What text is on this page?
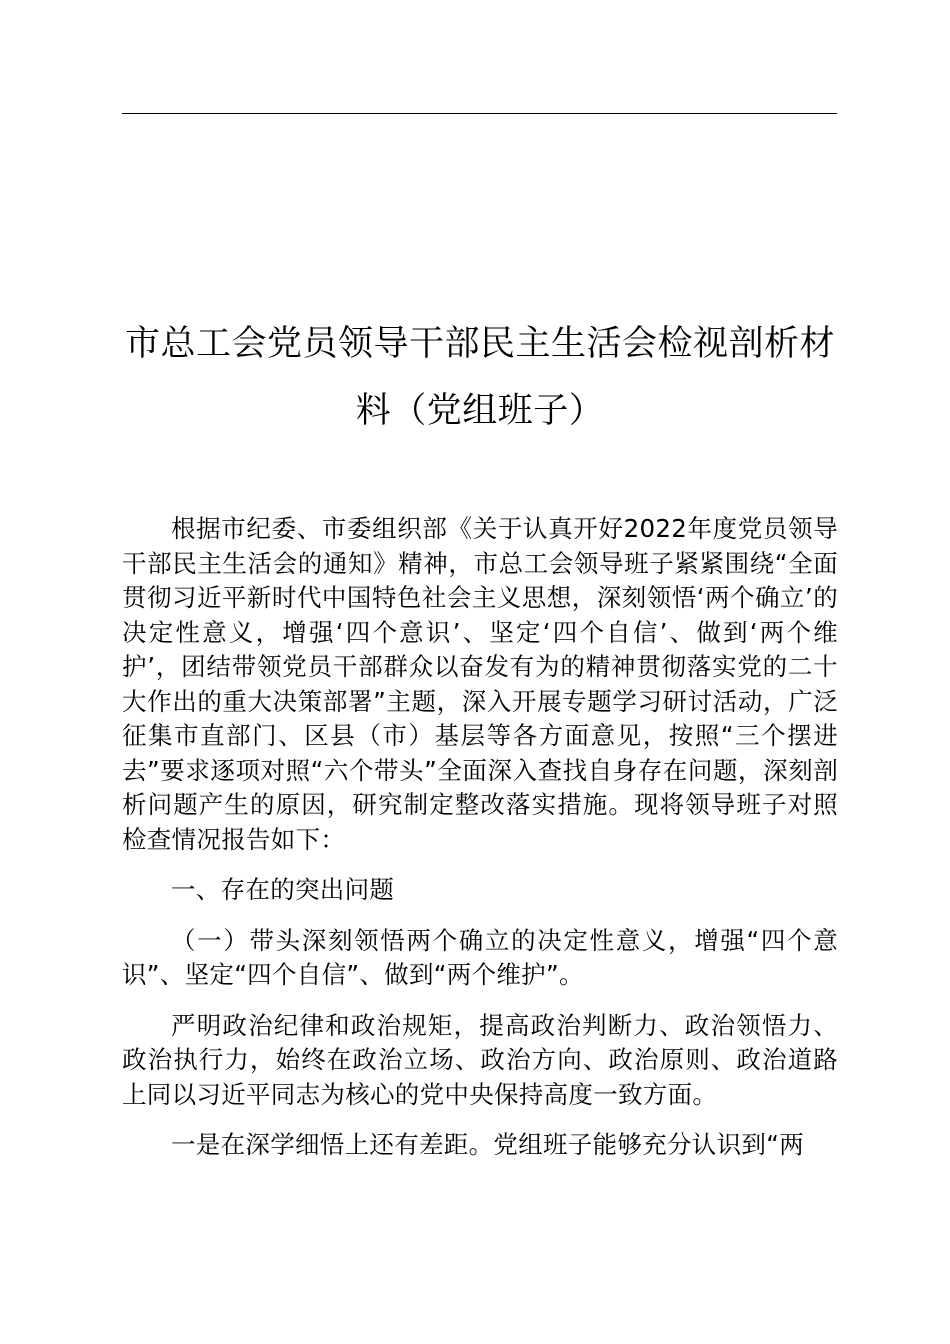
市总工会党员领导干部民主生活会检视剖析材料（党组班子）

根据市纪委、市委组织部《关于认真开好2022年度党员领导干部民主生活会的通知》精神，市总工会领导班子紧紧围绕“全面贯彻习近平新时代中国特色社会主义思想，深刻领悟‘两个确立’的决定性意义，增强‘四个意识’、坚定‘四个自信’、做到‘两个维护’，团结带领党员干部群众以奋发有为的精神贯彻落实党的二十大作出的重大决策部署”主题，深入开展专题学习研讨活动，广泛征集市直部门、区县（市）基层等各方面意见，按照“三个摆进去”要求逐项对照“六个带头”全面深入查找自身存在问题，深刻剖析问题产生的原因，研究制定整改落实措施。现将领导班子对照检查情况报告如下：

一、存在的突出问题

（一）带头深刻领悟两个确立的决定性意义，增强“四个意识”、坚定“四个自信”、做到“两个维护”。

严明政治纪律和政治规矩，提高政治判断力、政治领悟力、政治执行力，始终在政治立场、政治方向、政治原则、政治道路上同以习近平同志为核心的党中央保持高度一致方面。

一是在深学细悟上还有差距。党组班子能够充分认识到“两
